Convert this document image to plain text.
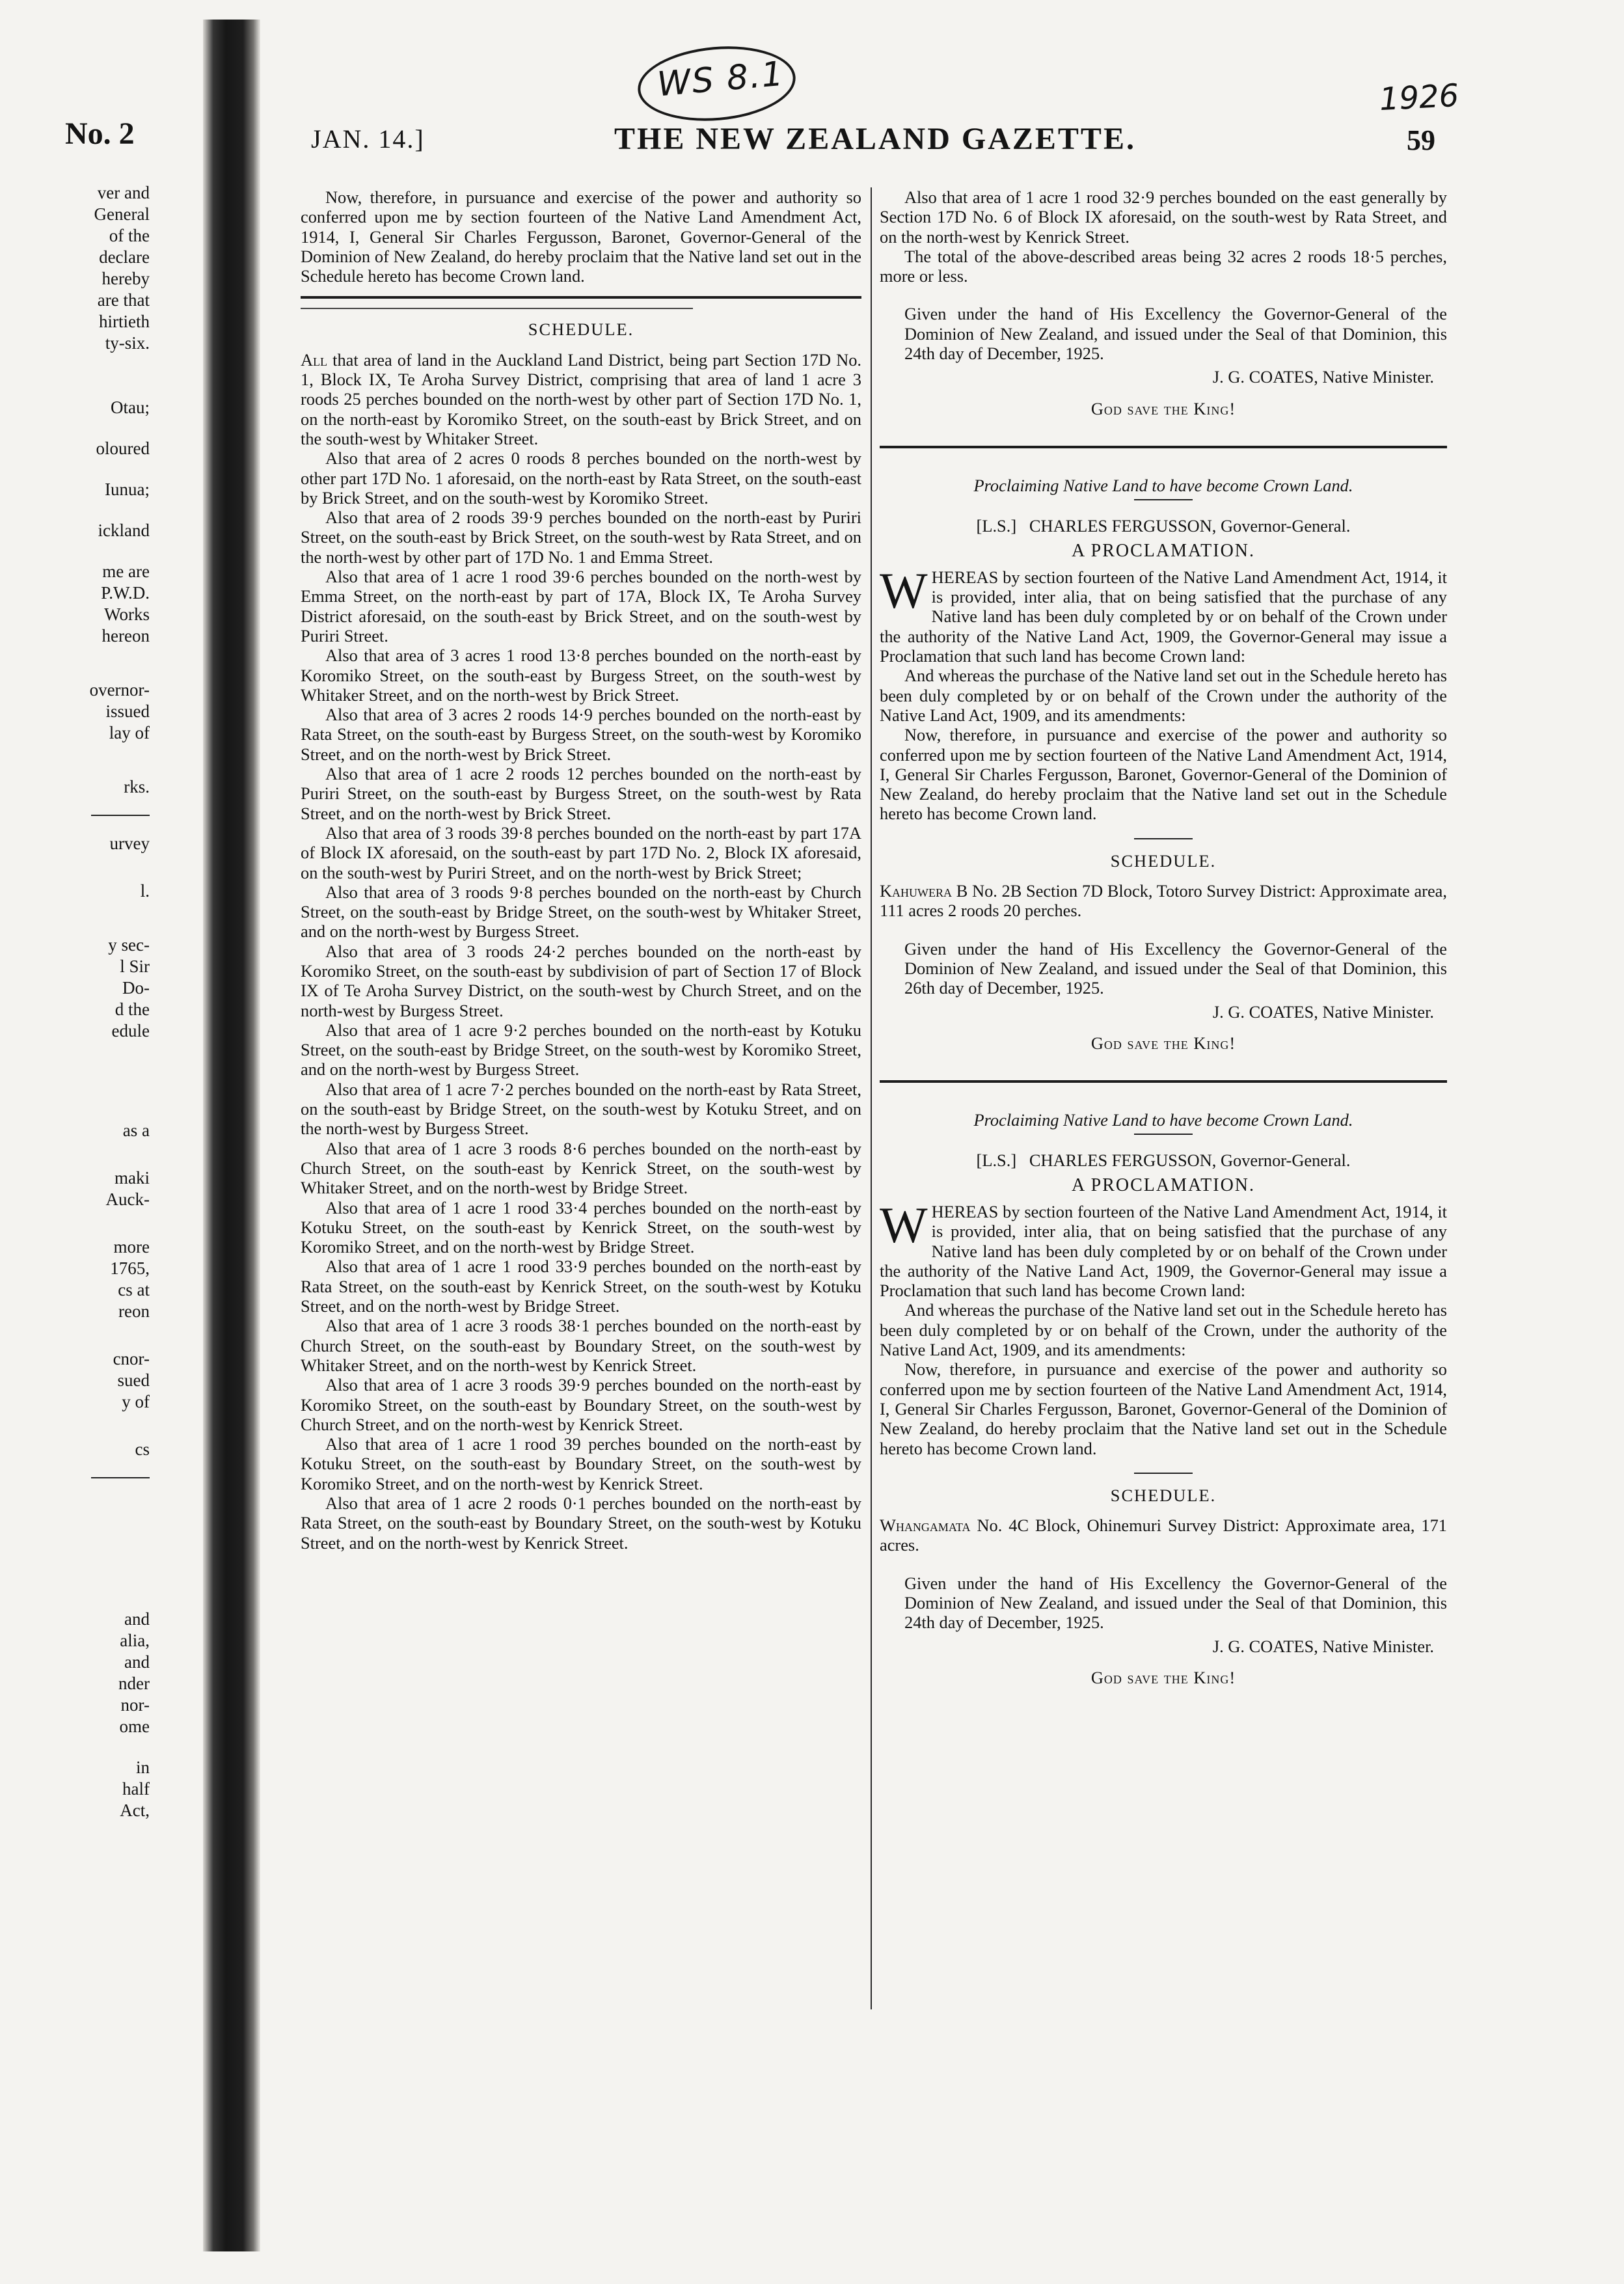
WS 8.1	1926
No. 2	JAN. 14.]	THE NEW ZEALAND GAZETTE.	59
ver and
General
of the
declare
hereby
are that
hirtieth
ty-six.
Otau;
oloured
Iunua;
ickland
me are
P.W.D.
Works
hereon
overnor-
issued
lay of
rks.
urvey
l.
y sec-
l Sir
Do-
d the
edule
as a
maki
Auck-
more
1765,
cs at
reon
cnor-
sued
y of
cs
and
alia,
and
nder
nor-
ome
in
half
Act,

Now, therefore, in pursuance and exercise of the power and authority so conferred upon me by section fourteen of the Native Land Amendment Act, 1914, I, General Sir Charles Fergusson, Baronet, Governor-General of the Dominion of New Zealand, do hereby proclaim that the Native land set out in the Schedule hereto has become Crown land.

SCHEDULE.

All that area of land in the Auckland Land District, being part Section 17D No. 1, Block IX, Te Aroha Survey District, comprising that area of land 1 acre 3 roods 25 perches bounded on the north-west by other part of Section 17D No. 1, on the north-east by Koromiko Street, on the south-east by Brick Street, and on the south-west by Whitaker Street.

Also that area of 2 acres 0 roods 8 perches bounded on the north-west by other part 17D No. 1 aforesaid, on the north-east by Rata Street, on the south-east by Brick Street, and on the south-west by Koromiko Street.

Also that area of 2 roods 39·9 perches bounded on the north-east by Puriri Street, on the south-east by Brick Street, on the south-west by Rata Street, and on the north-west by other part of 17D No. 1 and Emma Street.

Also that area of 1 acre 1 rood 39·6 perches bounded on the north-west by Emma Street, on the north-east by part of 17A, Block IX, Te Aroha Survey District aforesaid, on the south-east by Brick Street, and on the south-west by Puriri Street.

Also that area of 3 acres 1 rood 13·8 perches bounded on the north-east by Koromiko Street, on the south-east by Burgess Street, on the south-west by Whitaker Street, and on the north-west by Brick Street.

Also that area of 3 acres 2 roods 14·9 perches bounded on the north-east by Rata Street, on the south-east by Burgess Street, on the south-west by Koromiko Street, and on the north-west by Brick Street.

Also that area of 1 acre 2 roods 12 perches bounded on the north-east by Puriri Street, on the south-east by Burgess Street, on the south-west by Rata Street, and on the north-west by Brick Street.

Also that area of 3 roods 39·8 perches bounded on the north-east by part 17A of Block IX aforesaid, on the south-east by part 17D No. 2, Block IX aforesaid, on the south-west by Puriri Street, and on the north-west by Brick Street;

Also that area of 3 roods 9·8 perches bounded on the north-east by Church Street, on the south-east by Bridge Street, on the south-west by Whitaker Street, and on the north-west by Burgess Street.

Also that area of 3 roods 24·2 perches bounded on the north-east by Koromiko Street, on the south-east by subdivision of part of Section 17 of Block IX of Te Aroha Survey District, on the south-west by Church Street, and on the north-west by Burgess Street.

Also that area of 1 acre 9·2 perches bounded on the north-east by Kotuku Street, on the south-east by Bridge Street, on the south-west by Koromiko Street, and on the north-west by Burgess Street.

Also that area of 1 acre 7·2 perches bounded on the north-east by Rata Street, on the south-east by Bridge Street, on the south-west by Kotuku Street, and on the north-west by Burgess Street.

Also that area of 1 acre 3 roods 8·6 perches bounded on the north-east by Church Street, on the south-east by Kenrick Street, on the south-west by Whitaker Street, and on the north-west by Bridge Street.

Also that area of 1 acre 1 rood 33·4 perches bounded on the north-east by Kotuku Street, on the south-east by Kenrick Street, on the south-west by Koromiko Street, and on the north-west by Bridge Street.

Also that area of 1 acre 1 rood 33·9 perches bounded on the north-east by Rata Street, on the south-east by Kenrick Street, on the south-west by Kotuku Street, and on the north-west by Bridge Street.

Also that area of 1 acre 3 roods 38·1 perches bounded on the north-east by Church Street, on the south-east by Boundary Street, on the south-west by Whitaker Street, and on the north-west by Kenrick Street.

Also that area of 1 acre 3 roods 39·9 perches bounded on the north-east by Koromiko Street, on the south-east by Boundary Street, on the south-west by Church Street, and on the north-west by Kenrick Street.

Also that area of 1 acre 1 rood 39 perches bounded on the north-east by Kotuku Street, on the south-east by Boundary Street, on the south-west by Koromiko Street, and on the north-west by Kenrick Street.

Also that area of 1 acre 2 roods 0·1 perches bounded on the north-east by Rata Street, on the south-east by Boundary Street, on the south-west by Kotuku Street, and on the north-west by Kenrick Street.

Also that area of 1 acre 1 rood 32·9 perches bounded on the east generally by Section 17D No. 6 of Block IX aforesaid, on the south-west by Rata Street, and on the north-west by Kenrick Street.

The total of the above-described areas being 32 acres 2 roods 18·5 perches, more or less.

Given under the hand of His Excellency the Governor-General of the Dominion of New Zealand, and issued under the Seal of that Dominion, this 24th day of December, 1925.

J. G. COATES, Native Minister.
God save the King!
Proclaiming Native Land to have become Crown Land.

[L.S.] CHARLES FERGUSSON, Governor-General.

A PROCLAMATION.

WHEREAS by section fourteen of the Native Land Amendment Act, 1914, it is provided, inter alia, that on being satisfied that the purchase of any Native land has been duly completed by or on behalf of the Crown under the authority of the Native Land Act, 1909, the Governor-General may issue a Proclamation that such land has become Crown land:

And whereas the purchase of the Native land set out in the Schedule hereto has been duly completed by or on behalf of the Crown under the authority of the Native Land Act, 1909, and its amendments:

Now, therefore, in pursuance and exercise of the power and authority so conferred upon me by section fourteen of the Native Land Amendment Act, 1914, I, General Sir Charles Fergusson, Baronet, Governor-General of the Dominion of New Zealand, do hereby proclaim that the Native land set out in the Schedule hereto has become Crown land.

SCHEDULE.

Kahuwera B No. 2B Section 7D Block, Totoro Survey District: Approximate area, 111 acres 2 roods 20 perches.

Given under the hand of His Excellency the Governor-General of the Dominion of New Zealand, and issued under the Seal of that Dominion, this 26th day of December, 1925.

J. G. COATES, Native Minister.
God save the King!
Proclaiming Native Land to have become Crown Land.

[L.S.] CHARLES FERGUSSON, Governor-General.

A PROCLAMATION.

WHEREAS by section fourteen of the Native Land Amendment Act, 1914, it is provided, inter alia, that on being satisfied that the purchase of any Native land has been duly completed by or on behalf of the Crown under the authority of the Native Land Act, 1909, the Governor-General may issue a Proclamation that such land has become Crown land:

And whereas the purchase of the Native land set out in the Schedule hereto has been duly completed by or on behalf of the Crown, under the authority of the Native Land Act, 1909, and its amendments:

Now, therefore, in pursuance and exercise of the power and authority so conferred upon me by section fourteen of the Native Land Amendment Act, 1914, I, General Sir Charles Fergusson, Baronet, Governor-General of the Dominion of New Zealand, do hereby proclaim that the Native land set out in the Schedule hereto has become Crown land.

SCHEDULE.

Whangamata No. 4C Block, Ohinemuri Survey District: Approximate area, 171 acres.

Given under the hand of His Excellency the Governor-General of the Dominion of New Zealand, and issued under the Seal of that Dominion, this 24th day of December, 1925.

J. G. COATES, Native Minister.
God save the King!
